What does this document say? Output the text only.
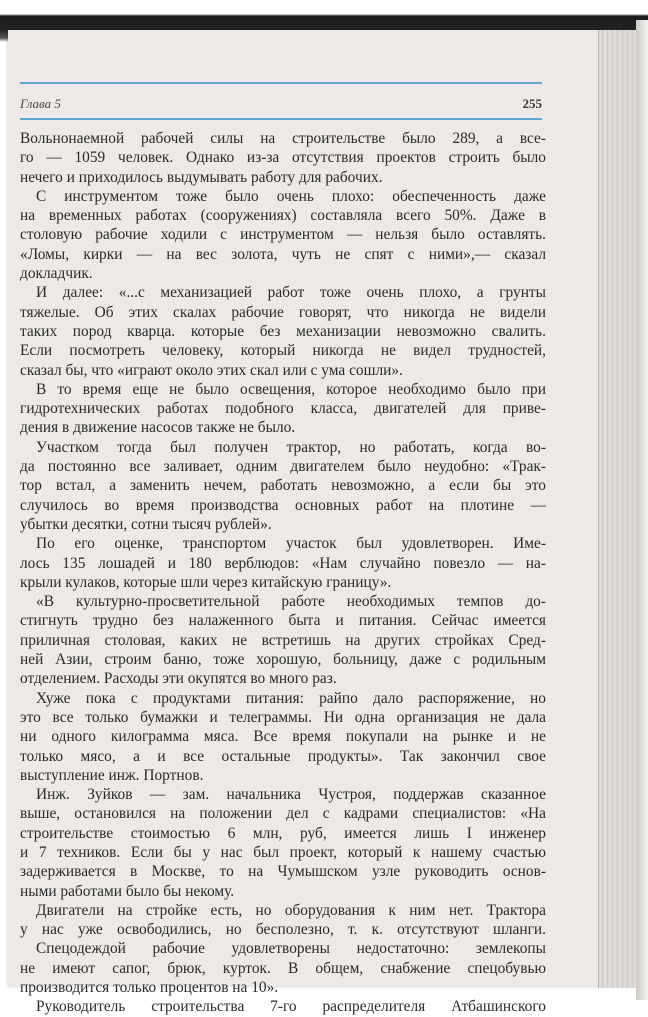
Глава 5	255
Вольнонаемной рабочей силы на строительстве было 289, а все-
го — 1059 человек. Однако из-за отсутствия проектов строить было
нечего и приходилось выдумывать работу для рабочих.
С инструментом тоже было очень плохо: обеспеченность даже
на временных работах (сооружениях) составляла всего 50%. Даже в
столовую рабочие ходили с инструментом — нельзя было оставлять.
«Ломы, кирки — на вес золота, чуть не спят с ними»,— сказал
докладчик.
И далее: «...с механизацией работ тоже очень плохо, а грунты
тяжелые. Об этих скалах рабочие говорят, что никогда не видели
таких пород кварца. которые без механизации невозможно свалить.
Если посмотреть человеку, который никогда не видел трудностей,
сказал бы, что «играют около этих скал или с ума сошли».
В то время еще не было освещения, которое необходимо было при
гидротехнических работах подобного класса, двигателей для приве-
дения в движение насосов также не было.
Участком тогда был получен трактор, но работать, когда во-
да постоянно все заливает, одним двигателем было неудобно: «Трак-
тор встал, а заменить нечем, работать невозможно, а если бы это
случилось во время производства основных работ на плотине —
убытки десятки, сотни тысяч рублей».
По его оценке, транспортом участок был удовлетворен. Име-
лось 135 лошадей и 180 верблюдов: «Нам случайно повезло — на-
крыли кулаков, которые шли через китайскую границу».
«В культурно-просветительной работе необходимых темпов до-
стигнуть трудно без налаженного быта и питания. Сейчас имеется
приличная столовая, каких не встретишь на других стройках Сред-
ней Азии, строим баню, тоже хорошую, больницу, даже с родильным
отделением. Расходы эти окупятся во много раз.
Хуже пока с продуктами питания: райпо дало распоряжение, но
это все только бумажки и телеграммы. Ни одна организация не дала
ни одного килограмма мяса. Все время покупали на рынке и не
только мясо, а и все остальные продукты». Так закончил свое
выступление инж. Портнов.
Инж. Зуйков — зам. начальника Чустроя, поддержав сказанное
выше, остановился на положении дел с кадрами специалистов: «На
строительстве стоимостью 6 млн, руб, имеется лишь I инженер
и 7 техников. Если бы у нас был проект, который к нашему счастью
задерживается в Москве, то на Чумышском узле руководить основ-
ными работами было бы некому.
Двигатели на стройке есть, но оборудования к ним нет. Трактора
у нас уже освободились, но бесполезно, т. к. отсутствуют шланги.
Спецодеждой рабочие удовлетворены недостаточно: землекопы
не имеют сапог, брюк, курток. В общем, снабжение спецобувью
производится только процентов на 10».
Руководитель строительства 7-го распределителя Атбашинского
